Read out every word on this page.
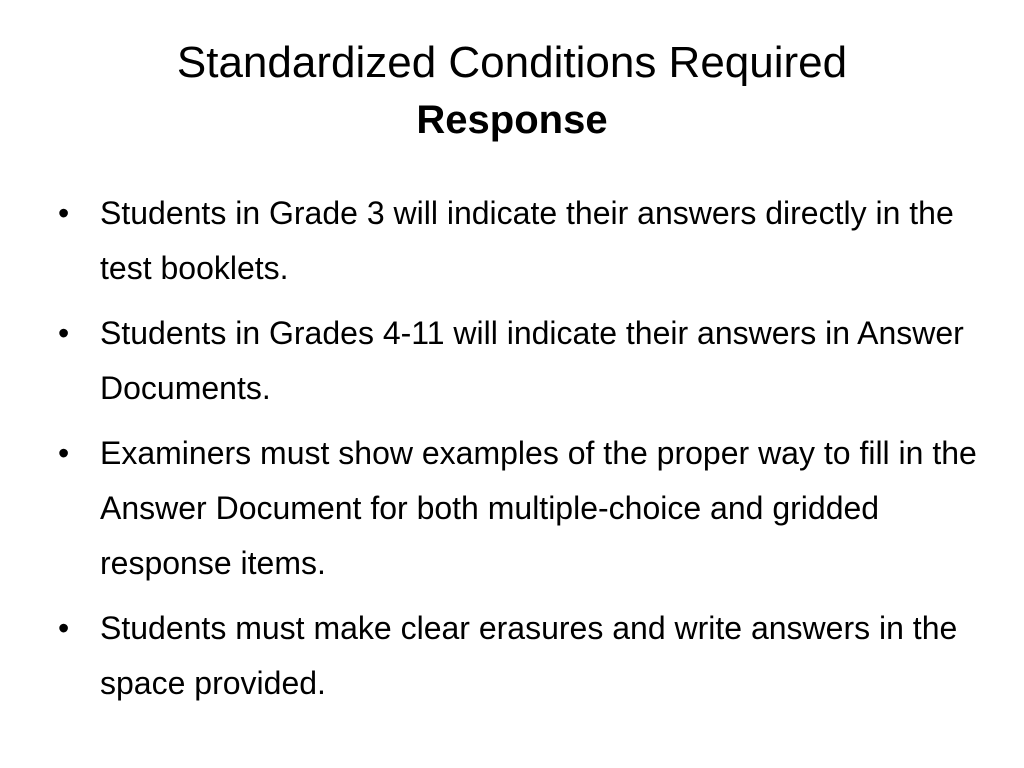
Standardized Conditions Required
Response
• Students in Grade 3 will indicate their answers directly in the test booklets.
• Students in Grades 4-11 will indicate their answers in Answer Documents.
• Examiners must show examples of the proper way to fill in the Answer Document for both multiple-choice and gridded response items.
• Students must make clear erasures and write answers in the space provided.
